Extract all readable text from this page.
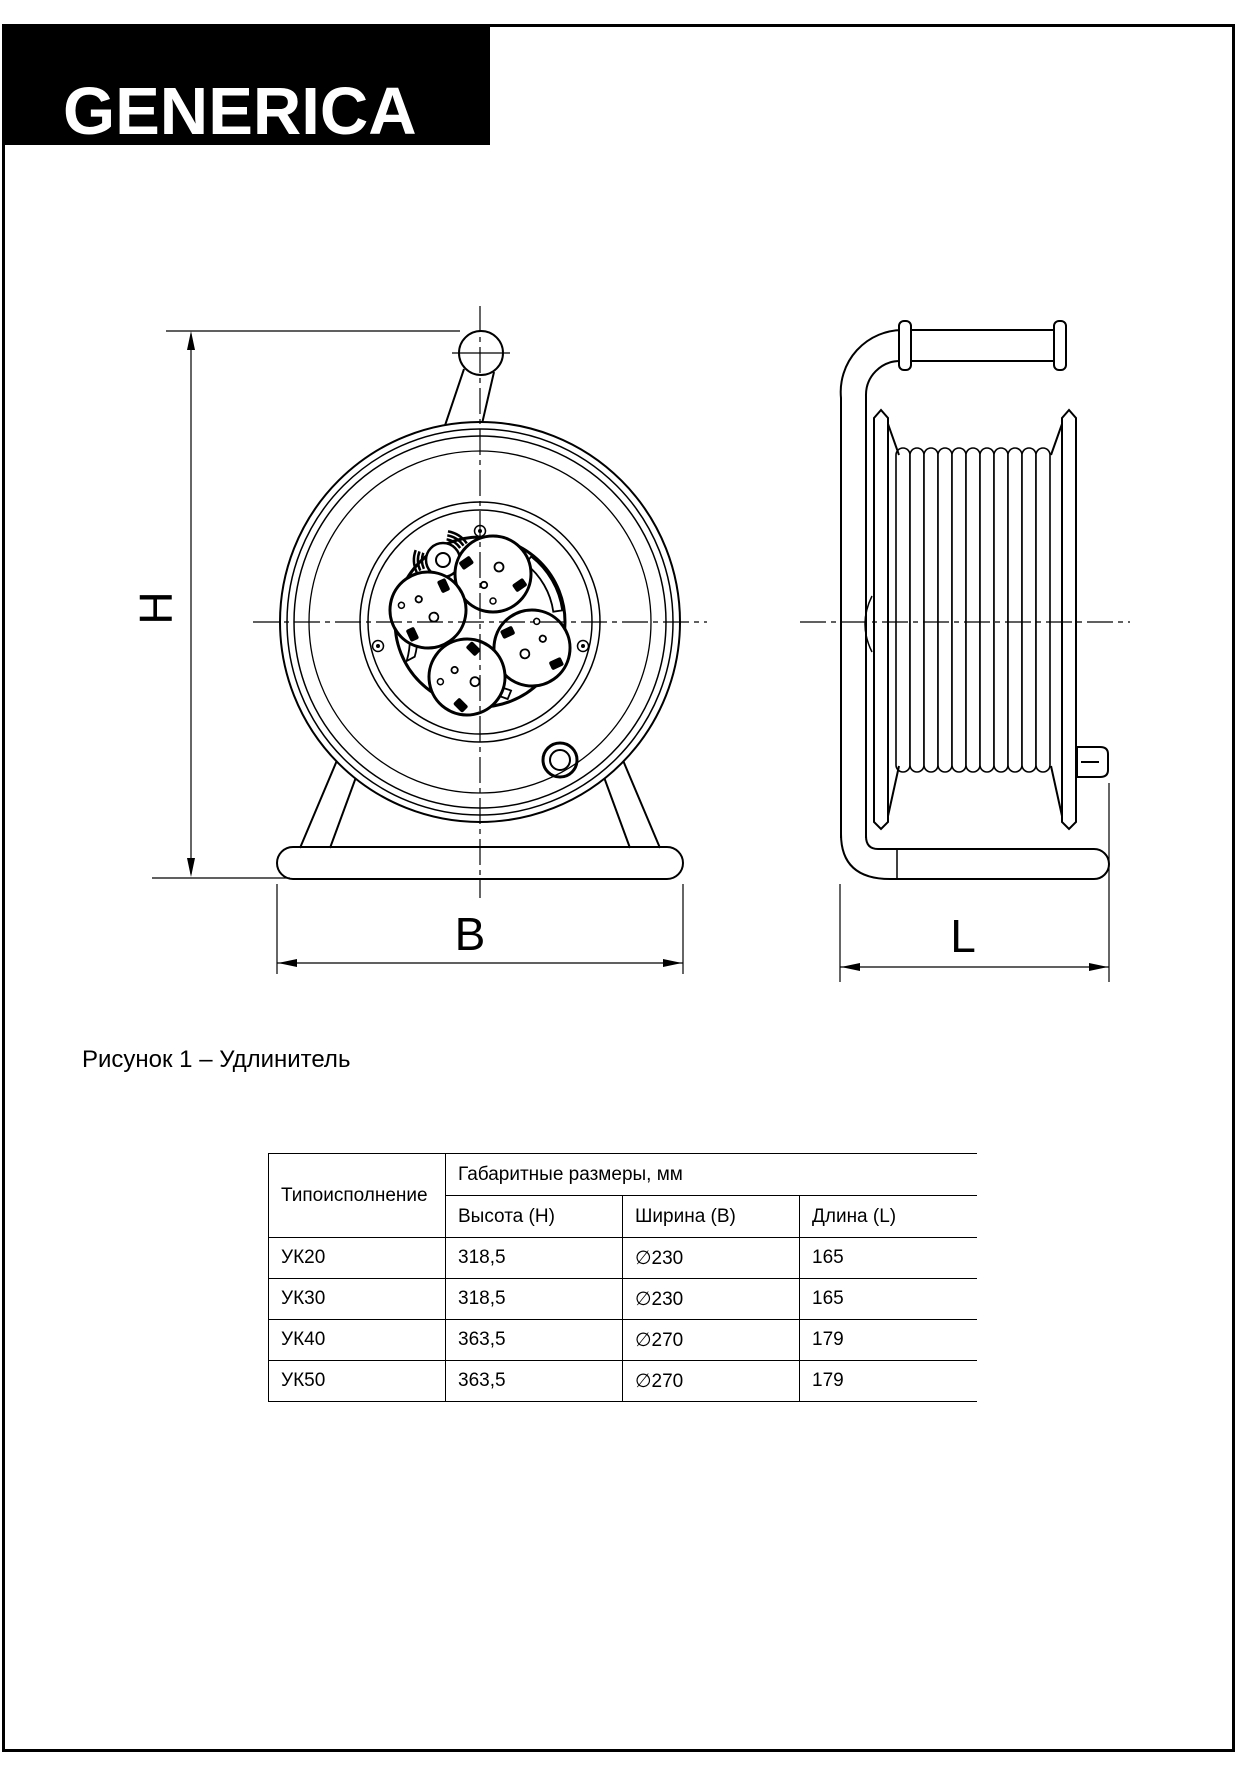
GENERICA
H
B	L
Рисунок 1 – Удлинитель
Типоисполнение	Габаритные размеры, мм		
	Высота (H)	Ширина (B)	Длина (L)
УК20	318,5	∅230	165
УК30	318,5	∅230	165
УК40	363,5	∅270	179
УК50	363,5	∅270	179
